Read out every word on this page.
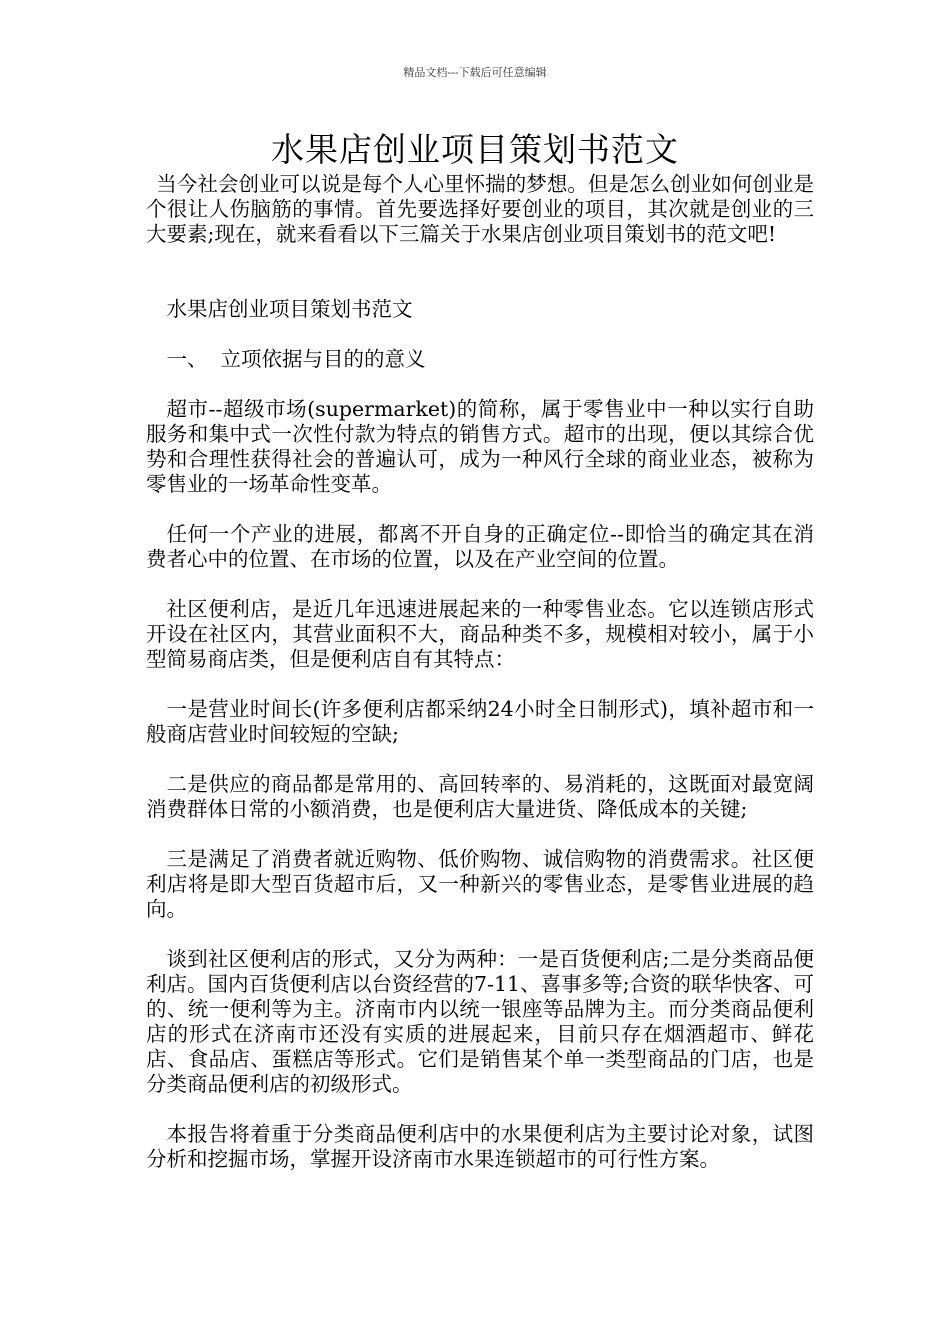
精品文档---下载后可任意编辑
水果店创业项目策划书范文

当今社会创业可以说是每个人心里怀揣的梦想。但是怎么创业如何创业是个很让人伤脑筋的事情。首先要选择好要创业的项目，其次就是创业的三大要素;现在，就来看看以下三篇关于水果店创业项目策划书的范文吧!

水果店创业项目策划书范文

一、  立项依据与目的的意义

超市--超级市场(supermarket)的简称，属于零售业中一种以实行自助服务和集中式一次性付款为特点的销售方式。超市的出现，便以其综合优势和合理性获得社会的普遍认可，成为一种风行全球的商业业态，被称为零售业的一场革命性变革。

任何一个产业的进展，都离不开自身的正确定位--即恰当的确定其在消费者心中的位置、在市场的位置，以及在产业空间的位置。

社区便利店，是近几年迅速进展起来的一种零售业态。它以连锁店形式开设在社区内，其营业面积不大，商品种类不多，规模相对较小，属于小型简易商店类，但是便利店自有其特点：

一是营业时间长(许多便利店都采纳24小时全日制形式)，填补超市和一般商店营业时间较短的空缺;

二是供应的商品都是常用的、高回转率的、易消耗的，这既面对最宽阔消费群体日常的小额消费，也是便利店大量进货、降低成本的关键;

三是满足了消费者就近购物、低价购物、诚信购物的消费需求。社区便利店将是即大型百货超市后，又一种新兴的零售业态，是零售业进展的趋向。

谈到社区便利店的形式，又分为两种：一是百货便利店;二是分类商品便利店。国内百货便利店以台资经营的7-11、喜事多等;合资的联华快客、可的、统一便利等为主。济南市内以统一银座等品牌为主。而分类商品便利店的形式在济南市还没有实质的进展起来，目前只存在烟酒超市、鲜花店、食品店、蛋糕店等形式。它们是销售某个单一类型商品的门店，也是分类商品便利店的初级形式。

本报告将着重于分类商品便利店中的水果便利店为主要讨论对象，试图分析和挖掘市场，掌握开设济南市水果连锁超市的可行性方案。
